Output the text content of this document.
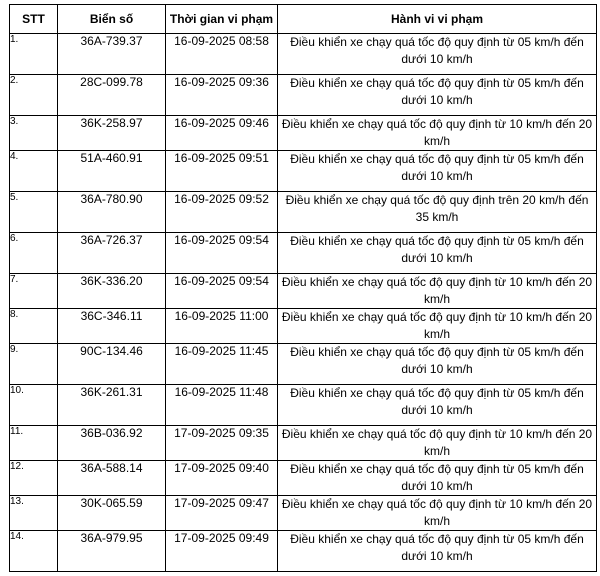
STT	Biển số	Thời gian vi phạm	Hành vi vi phạm
1.	36A-739.37	16-09-2025 08:58	Điều khiển xe chạy quá tốc độ quy định từ 05 km/h đến dưới 10 km/h
2.	28C-099.78	16-09-2025 09:36	Điều khiển xe chạy quá tốc độ quy định từ 05 km/h đến dưới 10 km/h
3.	36K-258.97	16-09-2025 09:46	Điều khiển xe chạy quá tốc độ quy định từ 10 km/h đến 20 km/h
4.	51A-460.91	16-09-2025 09:51	Điều khiển xe chạy quá tốc độ quy định từ 05 km/h đến dưới 10 km/h
5.	36A-780.90	16-09-2025 09:52	Điều khiển xe chạy quá tốc độ quy định trên 20 km/h đến 35 km/h
6.	36A-726.37	16-09-2025 09:54	Điều khiển xe chạy quá tốc độ quy định từ 05 km/h đến dưới 10 km/h
7.	36K-336.20	16-09-2025 09:54	Điều khiển xe chạy quá tốc độ quy định từ 10 km/h đến 20 km/h
8.	36C-346.11	16-09-2025 11:00	Điều khiển xe chạy quá tốc độ quy định từ 10 km/h đến 20 km/h
9.	90C-134.46	16-09-2025 11:45	Điều khiển xe chạy quá tốc độ quy định từ 05 km/h đến dưới 10 km/h
10.	36K-261.31	16-09-2025 11:48	Điều khiển xe chạy quá tốc độ quy định từ 05 km/h đến dưới 10 km/h
11.	36B-036.92	17-09-2025 09:35	Điều khiển xe chạy quá tốc độ quy định từ 10 km/h đến 20 km/h
12.	36A-588.14	17-09-2025 09:40	Điều khiển xe chạy quá tốc độ quy định từ 05 km/h đến dưới 10 km/h
13.	30K-065.59	17-09-2025 09:47	Điều khiển xe chạy quá tốc độ quy định từ 10 km/h đến 20 km/h
14.	36A-979.95	17-09-2025 09:49	Điều khiển xe chạy quá tốc độ quy định từ 05 km/h đến dưới 10 km/h
